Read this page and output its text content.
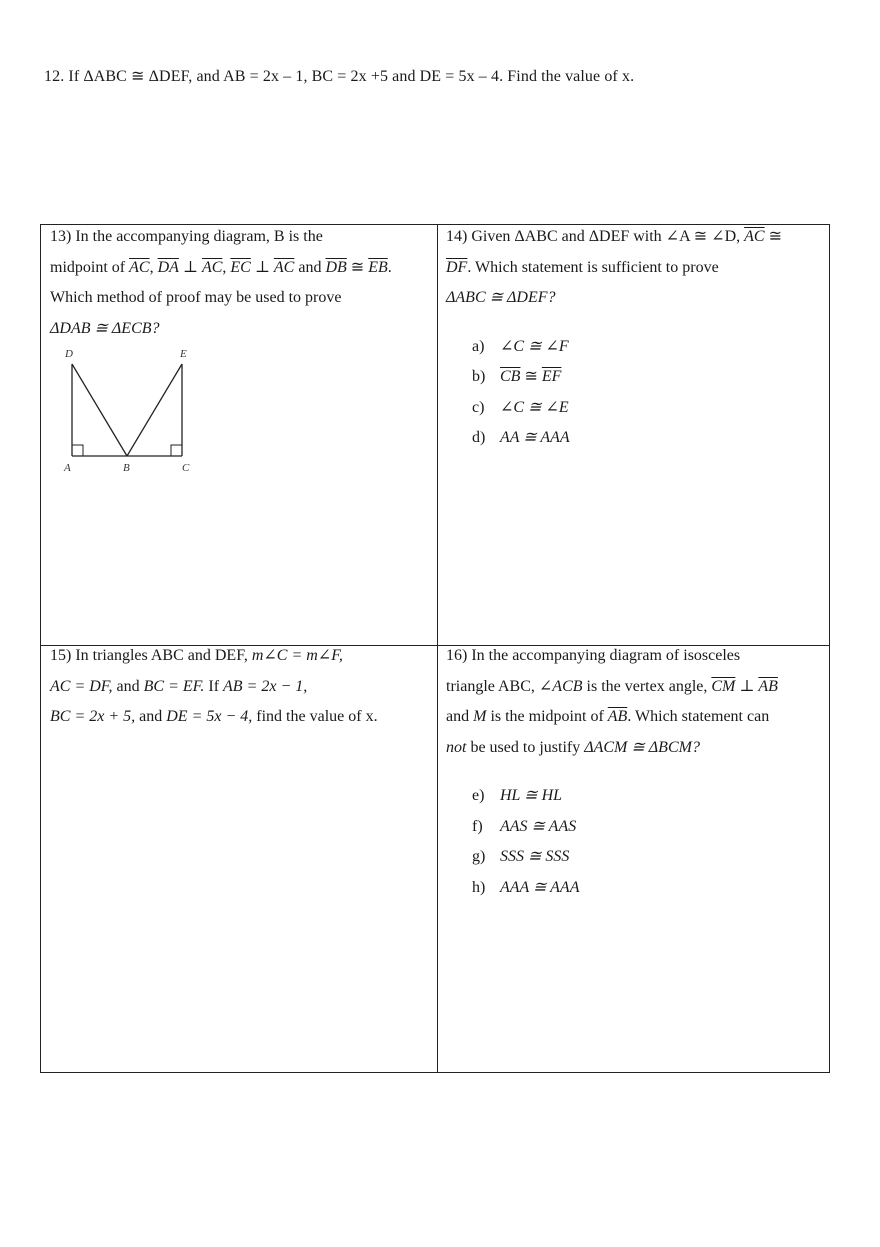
12. If ΔABC ≅ ΔDEF, and AB = 2x – 1, BC = 2x +5 and DE = 5x – 4. Find the value of x.
13) In the accompanying diagram, B is the
midpoint of $\overline{AC}$, $\overline{DA}$ ⊥ $\overline{AC}$, $\overline{EC}$ ⊥ $\overline{AC}$ and $\overline{DB}$ ≅ $\overline{EB}$.
Which method of proof may be used to prove
ΔDAB ≅ ΔECB?
D	E
A	B	C
14) Given ΔABC and ΔDEF with ∠A ≅ ∠D, $\overline{AC}$ ≅
$\overline{DF}$. Which statement is sufficient to prove
ΔABC ≅ ΔDEF?
a) ∠C ≅ ∠F
b) $\overline{CB}$ ≅ $\overline{EF}$
c) ∠C ≅ ∠E
d) AA ≅ AAA
15) In triangles ABC and DEF, m∠C = m∠F,
AC = DF, and BC = EF. If AB = 2x − 1,
BC = 2x + 5, and DE = 5x − 4, find the value of x.
16) In the accompanying diagram of isosceles
triangle ABC, ∠ACB is the vertex angle, $\overline{CM}$ ⊥ $\overline{AB}$
and M is the midpoint of $\overline{AB}$. Which statement can
not be used to justify ΔACM ≅ ΔBCM?
e) HL ≅ HL
f) AAS ≅ AAS
g) SSS ≅ SSS
h) AAA ≅ AAA
